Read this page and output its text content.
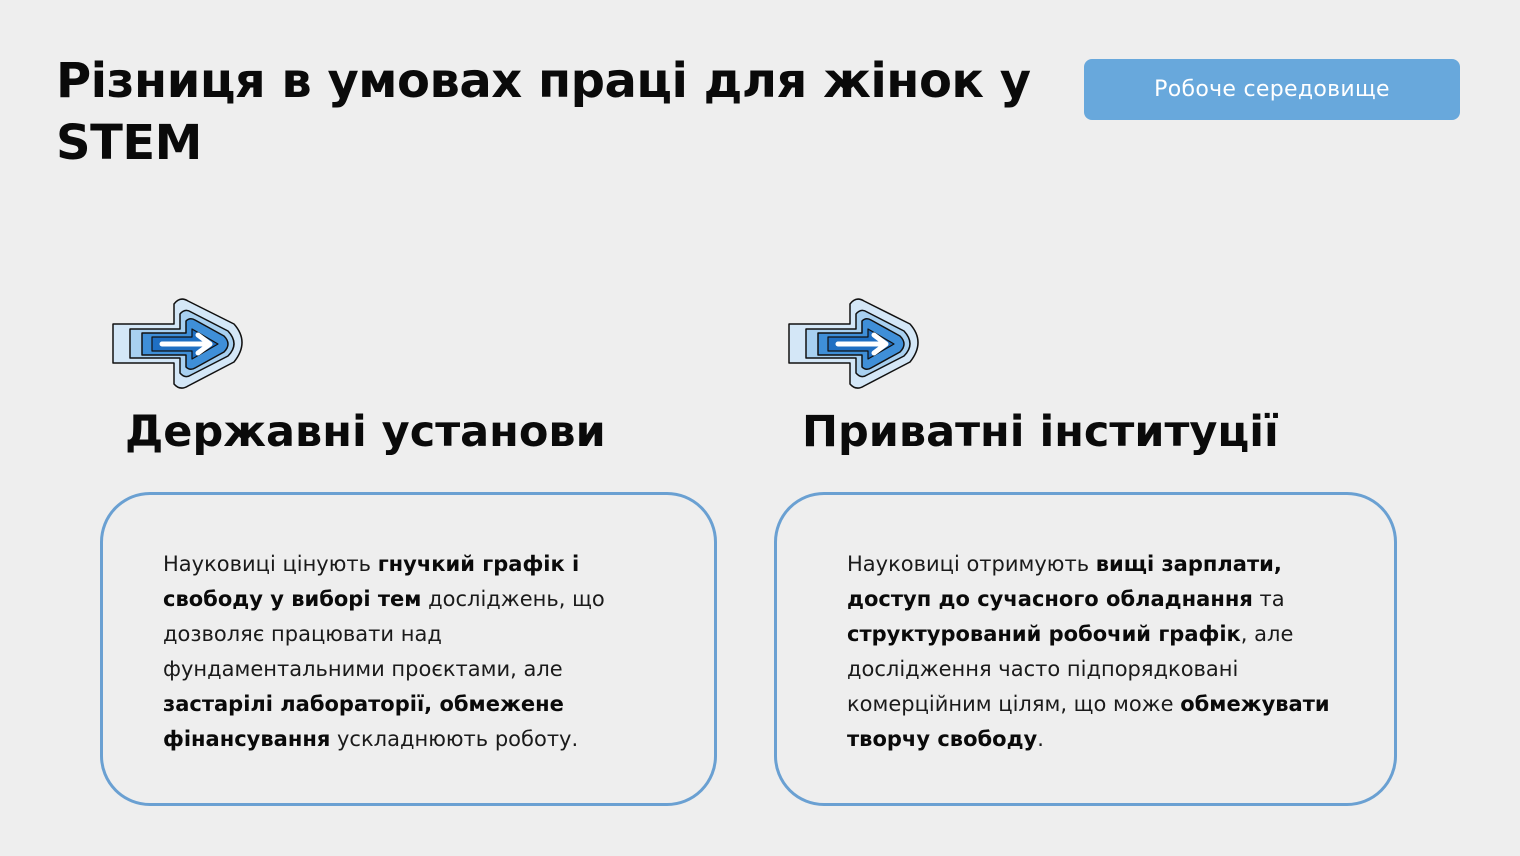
Різниця в умовах праці для жінок у STEM
Робоче середовище
Державні установи

Науковиці цінують гнучкий графік і свободу у виборі тем досліджень, що дозволяє працювати над фундаментальними проєктами, але застарілі лабораторії, обмежене фінансування ускладнюють роботу.

Приватні інституції

Науковиці отримують вищі зарплати, доступ до сучасного обладнання та структурований робочий графік, але дослідження часто підпорядковані комерційним цілям, що може обмежувати творчу свободу.
